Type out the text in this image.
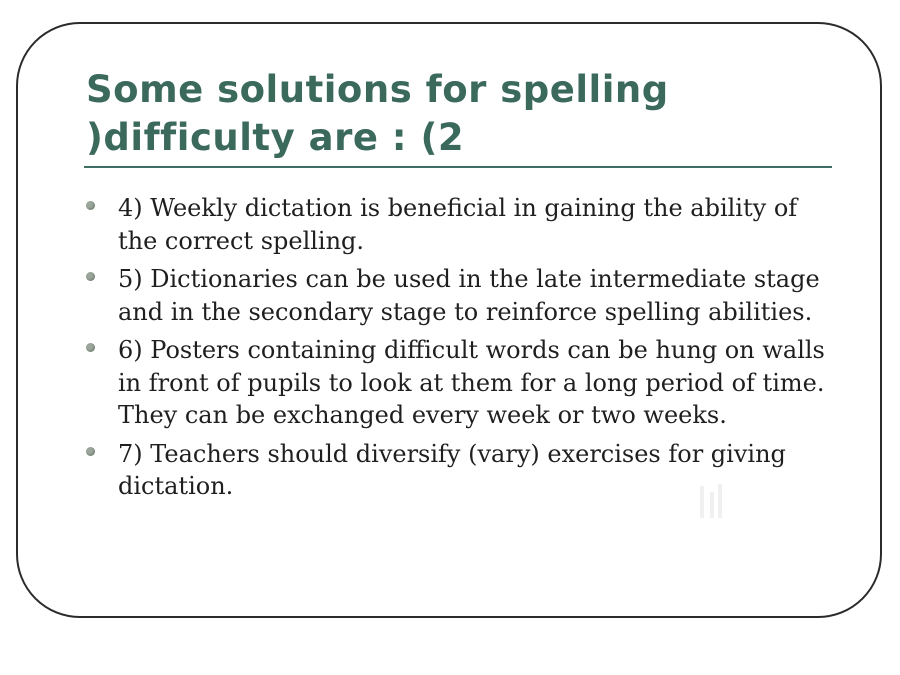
Some solutions for spelling
)difficulty are : (2
4) Weekly dictation is beneficial in gaining the ability of the correct spelling.
5) Dictionaries can be used in the late intermediate stage and in the secondary stage to reinforce spelling abilities.
6) Posters containing difficult words can be hung on walls in front of pupils to look at them for a long period of time. They can be exchanged every week or two weeks.
7) Teachers should diversify (vary) exercises for giving dictation.
